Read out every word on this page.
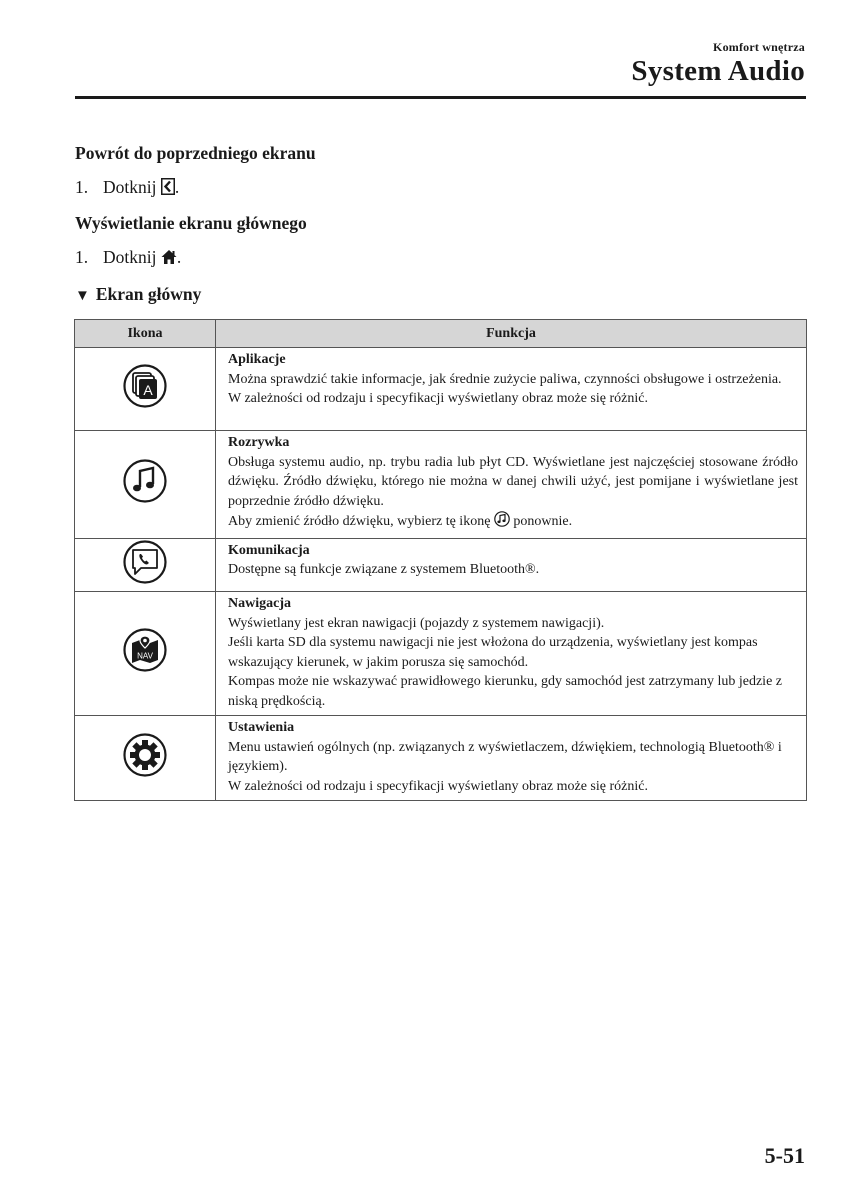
Komfort wnętrza
System Audio
Powrót do poprzedniego ekranu
1. Dotknij .
Wyświetlanie ekranu głównego
1. Dotknij .
▼ Ekran główny
Ikona	Funkcja

A	Aplikacje
Można sprawdzić takie informacje, jak średnie zużycie paliwa, czynności obsługowe i ostrzeżenia.
W zależności od rodzaju i specyfikacji wyświetlany obraz może się różnić.

Rozrywka
Obsługa systemu audio, np. trybu radia lub płyt CD. Wyświetlane jest najczęściej stosowane źródło dźwięku. Źródło dźwięku, którego nie można w danej chwili użyć, jest pomijane i wyświetlane jest poprzednie źródło dźwięku.
Aby zmienić źródło dźwięku, wybierz tę ikonę ponownie.

Komunikacja
Dostępne są funkcje związane z systemem Bluetooth®.

NAV	Nawigacja
Wyświetlany jest ekran nawigacji (pojazdy z systemem nawigacji).
Jeśli karta SD dla systemu nawigacji nie jest włożona do urządzenia, wyświetlany jest kompas wskazujący kierunek, w jakim porusza się samochód.
Kompas może nie wskazywać prawidłowego kierunku, gdy samochód jest zatrzymany lub jedzie z niską prędkością.

Ustawienia
Menu ustawień ogólnych (np. związanych z wyświetlaczem, dźwiękiem, technologią Bluetooth® i językiem).
W zależności od rodzaju i specyfikacji wyświetlany obraz może się różnić.
5-51
